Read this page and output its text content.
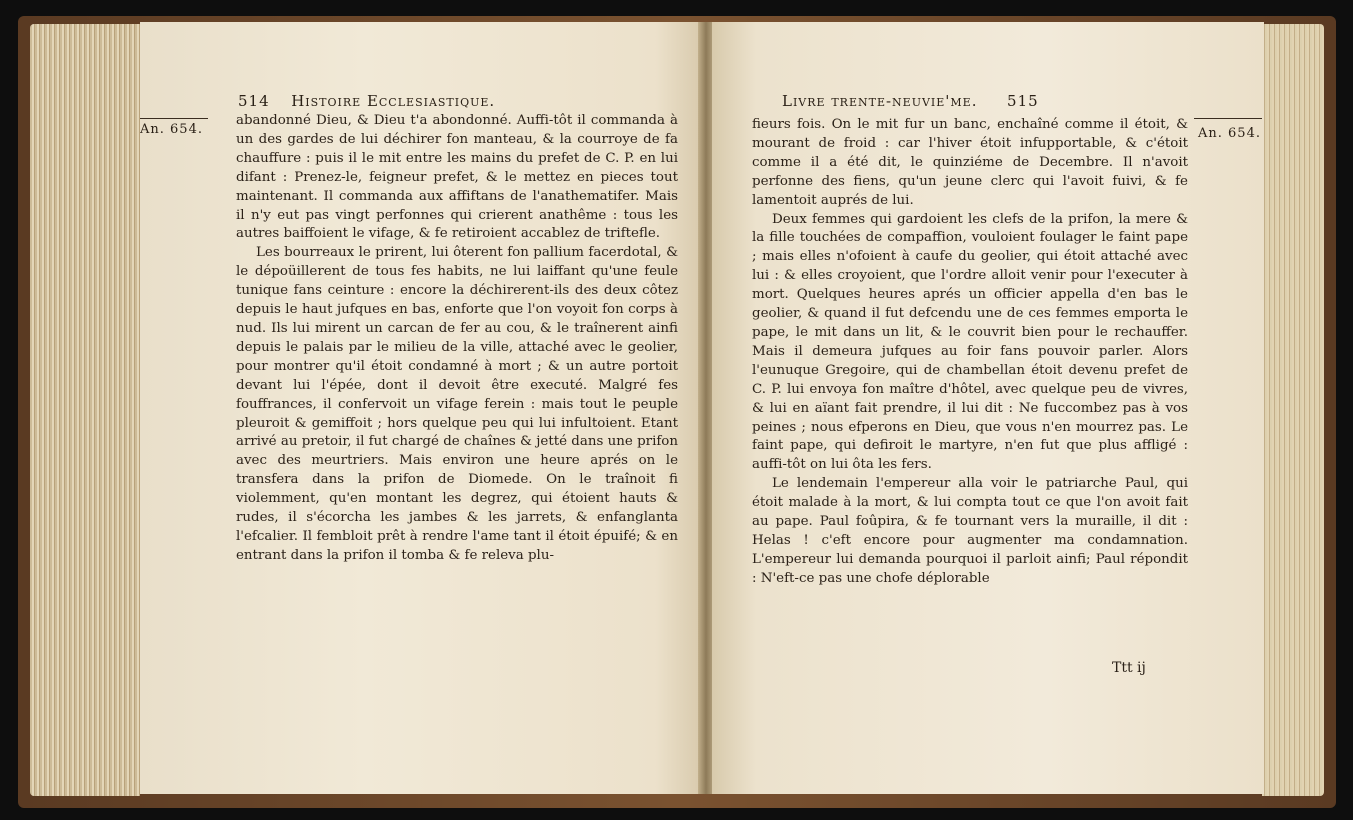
514 Histoire Ecclesiastique.
An. 654.

abandonné Dieu, & Dieu t'a abondonné. Auffi-tôt il commanda à un des gardes de lui déchirer fon manteau, & la courroye de fa chauffure : puis il le mit entre les mains du prefet de C. P. en lui difant : Prenez-le, feigneur prefet, & le mettez en pieces tout maintenant. Il commanda aux affiftans de l'anathematifer. Mais il n'y eut pas vingt perfonnes qui crierent anathême : tous les autres baiffoient le vifage, & fe retiroient accablez de triftefle.

Les bourreaux le prirent, lui ôterent fon pallium facerdotal, & le dépoüillerent de tous fes habits, ne lui laiffant qu'une feule tunique fans ceinture : encore la déchirerent-ils des deux côtez depuis le haut jufques en bas, enforte que l'on voyoit fon corps à nud. Ils lui mirent un carcan de fer au cou, & le traînerent ainfi depuis le palais par le milieu de la ville, attaché avec le geolier, pour montrer qu'il étoit condamné à mort ; & un autre portoit devant lui l'épée, dont il devoit être executé. Malgré fes fouffrances, il confervoit un vifage ferein : mais tout le peuple pleuroit & gemiffoit ; hors quelque peu qui lui infultoient. Etant arrivé au pretoir, il fut chargé de chaînes & jetté dans une prifon avec des meurtriers. Mais environ une heure aprés on le transfera dans la prifon de Diomede. On le traînoit fi violemment, qu'en montant les degrez, qui étoient hauts & rudes, il s'écorcha les jambes & les jarrets, & enfanglanta l'efcalier. Il fembloit prêt à rendre l'ame tant il étoit épuifé; & en entrant dans la prifon il tomba & fe releva plu-

Livre trente-neuvie'me. 515
An. 654.

fieurs fois. On le mit fur un banc, enchaîné comme il étoit, & mourant de froid : car l'hiver étoit infupportable, & c'étoit comme il a été dit, le quinziéme de Decembre. Il n'avoit perfonne des fiens, qu'un jeune clerc qui l'avoit fuivi, & fe lamentoit auprés de lui.

Deux femmes qui gardoient les clefs de la prifon, la mere & la fille touchées de compaffion, vouloient foulager le faint pape ; mais elles n'ofoient à caufe du geolier, qui étoit attaché avec lui : & elles croyoient, que l'ordre alloit venir pour l'executer à mort. Quelques heures aprés un officier appella d'en bas le geolier, & quand il fut defcendu une de ces femmes emporta le pape, le mit dans un lit, & le couvrit bien pour le rechauffer. Mais il demeura jufques au foir fans pouvoir parler. Alors l'eunuque Gregoire, qui de chambellan étoit devenu prefet de C. P. lui envoya fon maître d'hôtel, avec quelque peu de vivres, & lui en aïant fait prendre, il lui dit : Ne fuccombez pas à vos peines ; nous efperons en Dieu, que vous n'en mourrez pas. Le faint pape, qui defiroit le martyre, n'en fut que plus affligé : auffi-tôt on lui ôta les fers.

Le lendemain l'empereur alla voir le patriarche Paul, qui étoit malade à la mort, & lui compta tout ce que l'on avoit fait au pape. Paul foûpira, & fe tournant vers la muraille, il dit : Helas ! c'eft encore pour augmenter ma condamnation. L'empereur lui demanda pourquoi il parloit ainfi; Paul répondit : N'eft-ce pas une chofe déplorable

Ttt ij
